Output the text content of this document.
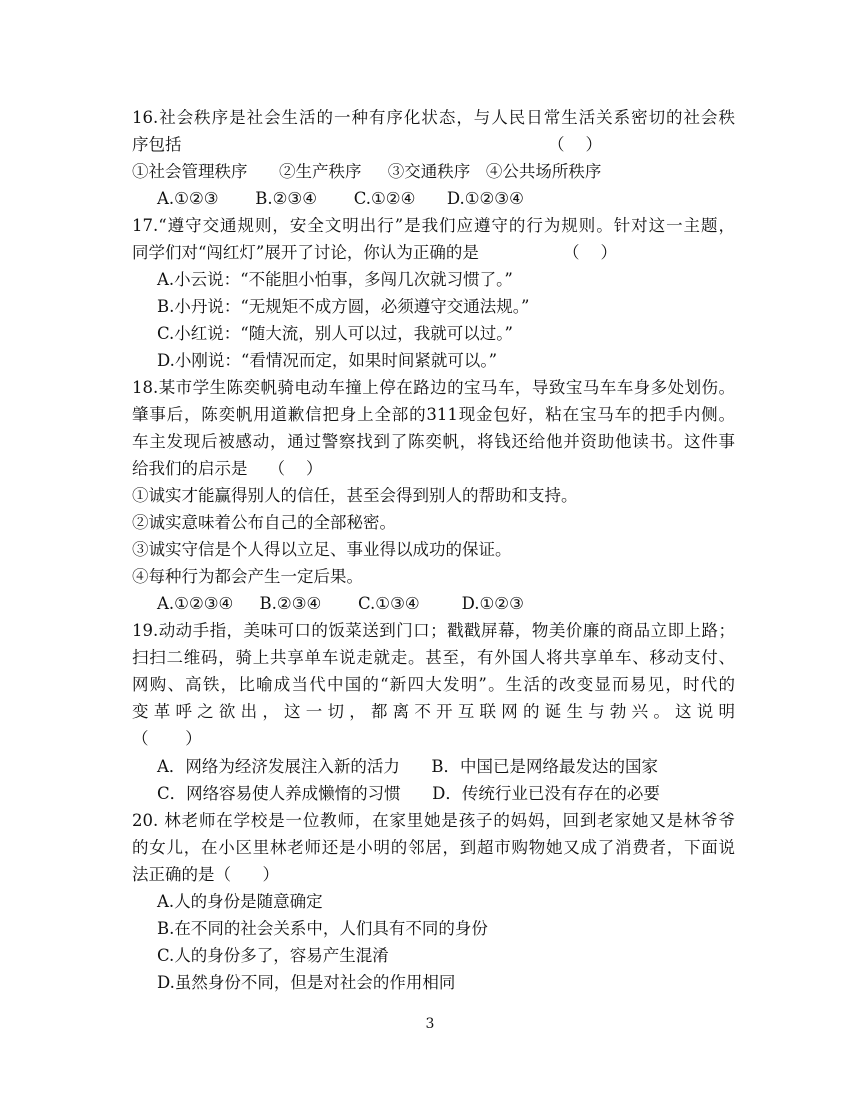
16.社会秩序是社会生活的一种有序化状态，与人民日常生活关系密切的社会秩
序包括	（    ）
①社会管理秩序      ②生产秩序     ③交通秩序   ④公共场所秩序
A.①②③       B.②③④       C.①②④      D.①②③④
17.“遵守交通规则，安全文明出行”是我们应遵守的行为规则。针对这一主题，
同学们对“闯红灯”展开了讨论，你认为正确的是	（    ）
A.小云说：“不能胆小怕事，多闯几次就习惯了。”
B.小丹说：“无规矩不成方圆，必须遵守交通法规。”
C.小红说：“随大流，别人可以过，我就可以过。”
D.小刚说：“看情况而定，如果时间紧就可以。”
18.某市学生陈奕帆骑电动车撞上停在路边的宝马车，导致宝马车车身多处划伤。
肇事后，陈奕帆用道歉信把身上全部的311现金包好，粘在宝马车的把手内侧。
车主发现后被感动，通过警察找到了陈奕帆，将钱还给他并资助他读书。这件事
给我们的启示是    （    ）
①诚实才能赢得别人的信任，甚至会得到别人的帮助和支持。
②诚实意味着公布自己的全部秘密。
③诚实守信是个人得以立足、事业得以成功的保证。
④每种行为都会产生一定后果。
A.①②③④     B.②③④       C.①③④        D.①②③
19.动动手指，美味可口的饭菜送到门口；戳戳屏幕，物美价廉的商品立即上路；
扫扫二维码，骑上共享单车说走就走。甚至，有外国人将共享单车、移动支付、
网购、高铁，比喻成当代中国的“新四大发明”。生活的改变显而易见，时代的
变革呼之欲出，这一切，都离不开互联网的诞生与勃兴。这说明
（       ）
A．网络为经济发展注入新的活力      B．中国已是网络最发达的国家
C．网络容易使人养成懒惰的习惯      D．传统行业已没有存在的必要
20. 林老师在学校是一位教师，在家里她是孩子的妈妈，回到老家她又是林爷爷
的女儿，在小区里林老师还是小明的邻居，到超市购物她又成了消费者，下面说
法正确的是（      ）
A.人的身份是随意确定
B.在不同的社会关系中，人们具有不同的身份
C.人的身份多了，容易产生混淆
D.虽然身份不同，但是对社会的作用相同
3
